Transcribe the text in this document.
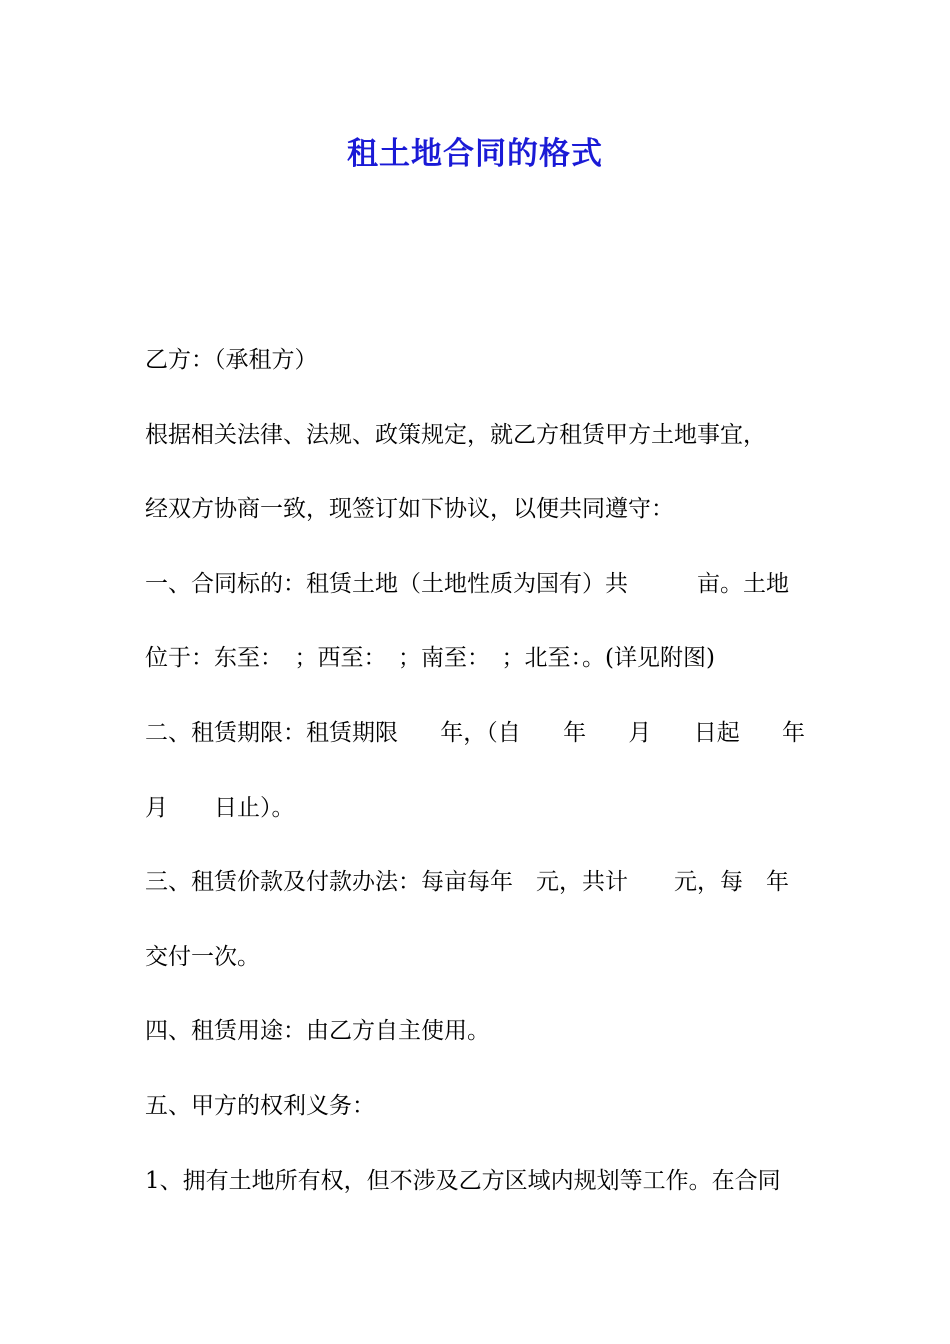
租土地合同的格式
乙方：（承租方）
根据相关法律、法规、政策规定，就乙方租赁甲方土地事宜，
经双方协商一致，现签订如下协议，以便共同遵守：
一、合同标的：租赁土地（土地性质为国有）共　　　亩。土地
位于：东至：　；西至：　；南至：　；北至：。(详见附图)
二、租赁期限：租赁期限 年，（自 年 月 日起 年
月　　日止）。
三、租赁价款及付款办法：每亩每年　元，共计　　元，每　年
交付一次。
四、租赁用途：由乙方自主使用。
五、甲方的权利义务：
1、拥有土地所有权，但不涉及乙方区域内规划等工作。在合同
